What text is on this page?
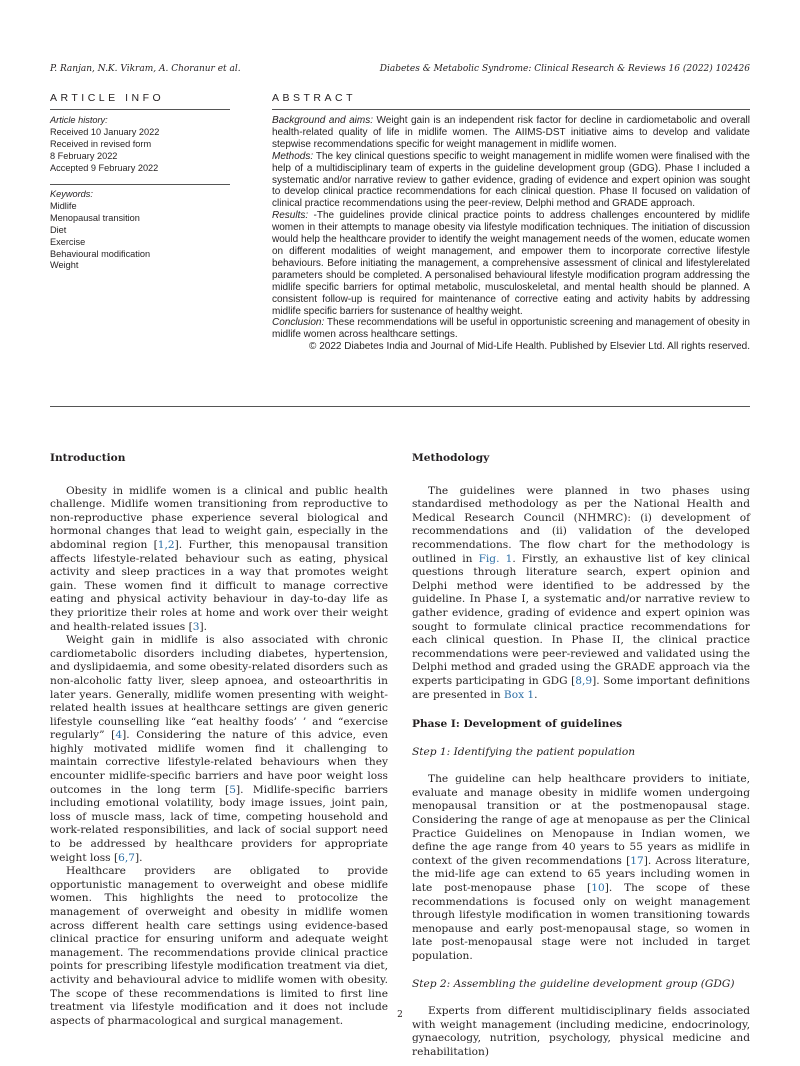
P. Ranjan, N.K. Vikram, A. Choranur et al.	Diabetes & Metabolic Syndrome: Clinical Research & Reviews 16 (2022) 102426
ARTICLE INFO	ABSTRACT
Article history:
Received 10 January 2022
Received in revised form
8 February 2022
Accepted 9 February 2022
Keywords:
Midlife
Menopausal transition
Diet
Exercise
Behavioural modification
Weight

Background and aims: Weight gain is an independent risk factor for decline in cardiometabolic and overall health-related quality of life in midlife women. The AIIMS-DST initiative aims to develop and validate stepwise recommendations specific for weight management in midlife women.

Methods: The key clinical questions specific to weight management in midlife women were finalised with the help of a multidisciplinary team of experts in the guideline development group (GDG). Phase I included a systematic and/or narrative review to gather evidence, grading of evidence and expert opinion was sought to develop clinical practice recommendations for each clinical question. Phase II focused on validation of clinical practice recommendations using the peer-review, Delphi method and GRADE approach.

Results: -The guidelines provide clinical practice points to address challenges encountered by midlife women in their attempts to manage obesity via lifestyle modification techniques. The initiation of discussion would help the healthcare provider to identify the weight management needs of the women, educate women on different modalities of weight management, and empower them to incorporate corrective lifestyle behaviours. Before initiating the management, a comprehensive assessment of clinical and lifestylerelated parameters should be completed. A personalised behavioural lifestyle modification program addressing the midlife specific barriers for optimal metabolic, musculoskeletal, and mental health should be planned. A consistent follow-up is required for maintenance of corrective eating and activity habits by addressing midlife specific barriers for sustenance of healthy weight.

Conclusion: These recommendations will be useful in opportunistic screening and management of obesity in midlife women across healthcare settings.

© 2022 Diabetes India and Journal of Mid-Life Health. Published by Elsevier Ltd. All rights reserved.

Introduction

Obesity in midlife women is a clinical and public health challenge. Midlife women transitioning from reproductive to non-reproductive phase experience several biological and hormonal changes that lead to weight gain, especially in the abdominal region [1,2]. Further, this menopausal transition affects lifestyle-related behaviour such as eating, physical activity and sleep practices in a way that promotes weight gain. These women find it difficult to manage corrective eating and physical activity behaviour in day-to-day life as they prioritize their roles at home and work over their weight and health-related issues [3].

Weight gain in midlife is also associated with chronic cardiometabolic disorders including diabetes, hypertension, and dyslipidaemia, and some obesity-related disorders such as non-alcoholic fatty liver, sleep apnoea, and osteoarthritis in later years. Generally, midlife women presenting with weight-related health issues at healthcare settings are given generic lifestyle counselling like “eat healthy foods’ ’ and “exercise regularly” [4]. Considering the nature of this advice, even highly motivated midlife women find it challenging to maintain corrective lifestyle-related behaviours when they encounter midlife-specific barriers and have poor weight loss outcomes in the long term [5]. Midlife-specific barriers including emotional volatility, body image issues, joint pain, loss of muscle mass, lack of time, competing household and work-related responsibilities, and lack of social support need to be addressed by healthcare providers for appropriate weight loss [6,7].

Healthcare providers are obligated to provide opportunistic management to overweight and obese midlife women. This highlights the need to protocolize the management of overweight and obesity in midlife women across different health care settings using evidence-based clinical practice for ensuring uniform and adequate weight management. The recommendations provide clinical practice points for prescribing lifestyle modification treatment via diet, activity and behavioural advice to midlife women with obesity. The scope of these recommendations is limited to first line treatment via lifestyle modification and it does not include aspects of pharmacological and surgical management.

Methodology

The guidelines were planned in two phases using standardised methodology as per the National Health and Medical Research Council (NHMRC): (i) development of recommendations and (ii) validation of the developed recommendations. The flow chart for the methodology is outlined in Fig. 1. Firstly, an exhaustive list of key clinical questions through literature search, expert opinion and Delphi method were identified to be addressed by the guideline. In Phase I, a systematic and/or narrative review to gather evidence, grading of evidence and expert opinion was sought to formulate clinical practice recommendations for each clinical question. In Phase II, the clinical practice recommendations were peer-reviewed and validated using the Delphi method and graded using the GRADE approach via the experts participating in GDG [8,9]. Some important definitions are presented in Box 1.

Phase I: Development of guidelines
Step 1: Identifying the patient population

The guideline can help healthcare providers to initiate, evaluate and manage obesity in midlife women undergoing menopausal transition or at the postmenopausal stage. Considering the range of age at menopause as per the Clinical Practice Guidelines on Menopause in Indian women, we define the age range from 40 years to 55 years as midlife in context of the given recommendations [17]. Across literature, the mid-life age can extend to 65 years including women in late post-menopause phase [10]. The scope of these recommendations is focused only on weight management through lifestyle modification in women transitioning towards menopause and early post-menopausal stage, so women in late post-menopausal stage were not included in target population.

Step 2: Assembling the guideline development group (GDG)

Experts from different multidisciplinary fields associated with weight management (including medicine, endocrinology, gynaecology, nutrition, psychology, physical medicine and rehabilitation)

2
